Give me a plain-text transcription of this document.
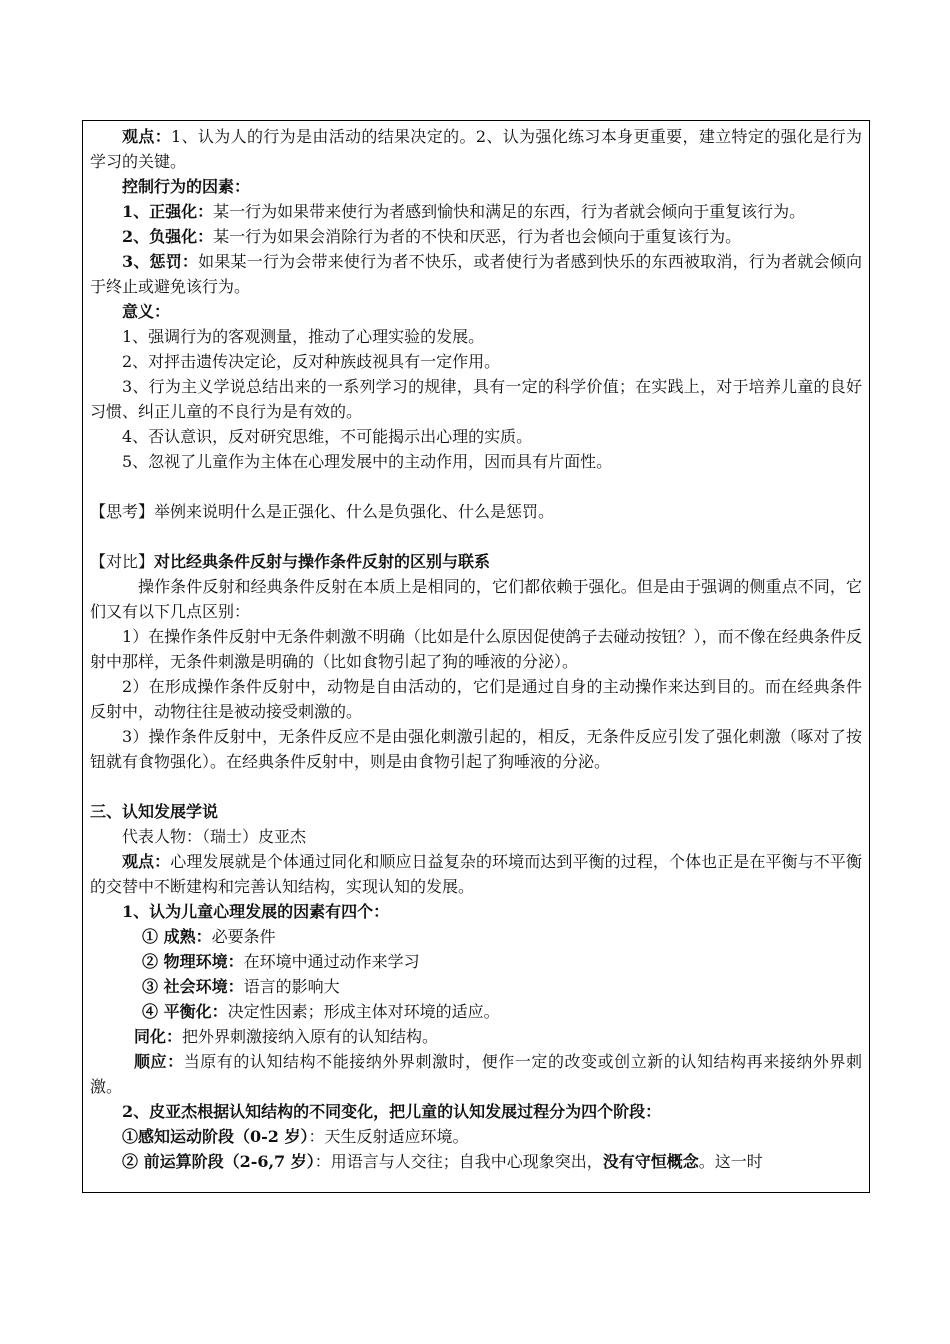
观点：1、认为人的行为是由活动的结果决定的。2、认为强化练习本身更重要，建立特定的强化是行为学习的关键。

控制行为的因素：

1、正强化：某一行为如果带来使行为者感到愉快和满足的东西，行为者就会倾向于重复该行为。

2、负强化：某一行为如果会消除行为者的不快和厌恶，行为者也会倾向于重复该行为。

3、惩罚：如果某一行为会带来使行为者不快乐，或者使行为者感到快乐的东西被取消，行为者就会倾向于终止或避免该行为。

意义：

1、强调行为的客观测量，推动了心理实验的发展。

2、对抨击遗传决定论，反对种族歧视具有一定作用。

3、行为主义学说总结出来的一系列学习的规律，具有一定的科学价值；在实践上，对于培养儿童的良好习惯、纠正儿童的不良行为是有效的。

4、否认意识，反对研究思维，不可能揭示出心理的实质。

5、忽视了儿童作为主体在心理发展中的主动作用，因而具有片面性。

【思考】举例来说明什么是正强化、什么是负强化、什么是惩罚。

【对比】对比经典条件反射与操作条件反射的区别与联系

操作条件反射和经典条件反射在本质上是相同的，它们都依赖于强化。但是由于强调的侧重点不同，它们又有以下几点区别：

1）在操作条件反射中无条件刺激不明确（比如是什么原因促使鸽子去碰动按钮？），而不像在经典条件反射中那样，无条件刺激是明确的（比如食物引起了狗的唾液的分泌）。

2）在形成操作条件反射中，动物是自由活动的，它们是通过自身的主动操作来达到目的。而在经典条件反射中，动物往往是被动接受刺激的。

3）操作条件反射中，无条件反应不是由强化刺激引起的，相反，无条件反应引发了强化刺激（啄对了按钮就有食物强化）。在经典条件反射中，则是由食物引起了狗唾液的分泌。

三、认知发展学说

代表人物：（瑞士）皮亚杰

观点：心理发展就是个体通过同化和顺应日益复杂的环境而达到平衡的过程，个体也正是在平衡与不平衡的交替中不断建构和完善认知结构，实现认知的发展。

1、认为儿童心理发展的因素有四个：

① 成熟：必要条件

② 物理环境：在环境中通过动作来学习

③ 社会环境：语言的影响大

④ 平衡化：决定性因素；形成主体对环境的适应。

同化：把外界刺激接纳入原有的认知结构。

顺应：当原有的认知结构不能接纳外界刺激时，便作一定的改变或创立新的认知结构再来接纳外界刺激。

2、皮亚杰根据认知结构的不同变化，把儿童的认知发展过程分为四个阶段：

①感知运动阶段（0-2 岁）：天生反射适应环境。

② 前运算阶段（2-6,7 岁）：用语言与人交往；自我中心现象突出，没有守恒概念。这一时
